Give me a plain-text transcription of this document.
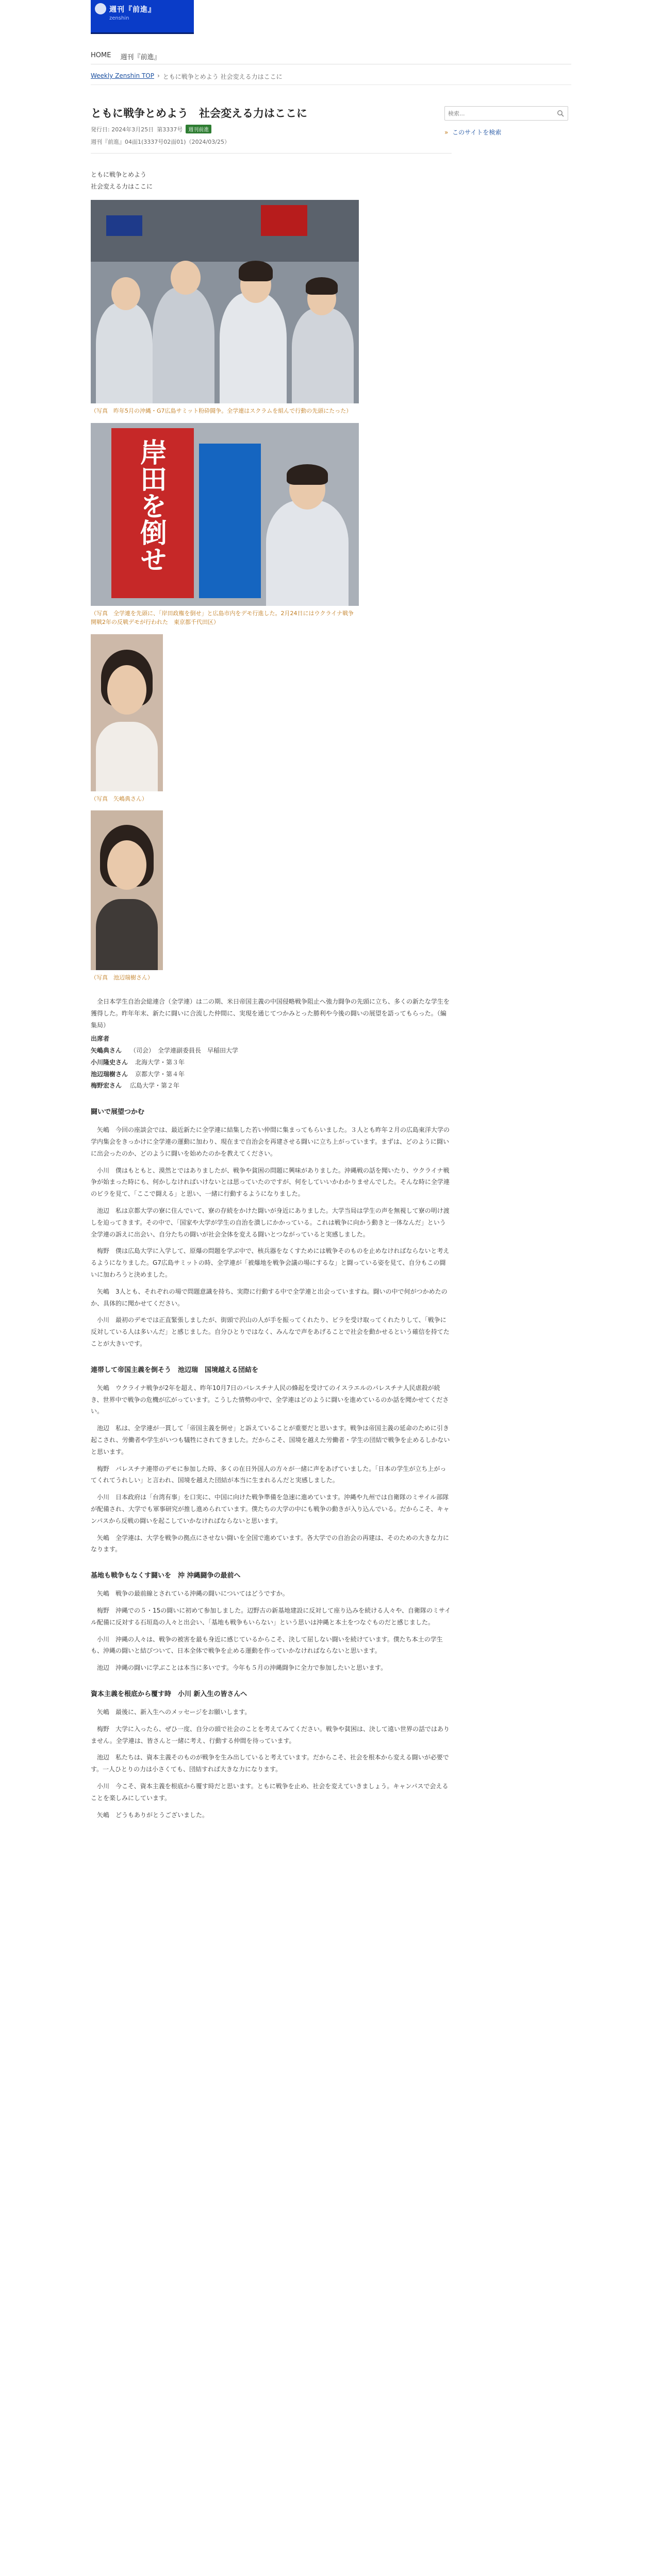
週刊『前進』
zenshin
HOME 週刊『前進』
Weekly Zenshin TOP › ともに戦争とめよう 社会変える力はここに
ともに戦争とめよう　社会変える力はここに
発行日: 2024年3月25日 第3337号	週刊前進
週刊『前進』04面1(3337号02面01)（2024/03/25）

ともに戦争とめよう

社会変える力はここに

（写真　昨年5月の沖縄・G7広島サミット粉砕闘争。全学連はスクラムを組んで行動の先頭にたった）
岸田を倒せ
（写真　全学連を先頭に、「岸田政権を倒せ」と広島市内をデモ行進した。2月24日にはウクライナ戦争開戦2年の反戦デモが行われた　東京都千代田区）
（写真　矢嶋典さん）
（写真　池辺瑞樹さん）

　全日本学生自治会総連合（全学連）は二の期、米日帝国主義の中国侵略戦争阻止へ強力闘争の先頭に立ち、多くの新たな学生を獲得した。昨年年末、新たに闘いに合流した仲間に、実現を通じてつかみとった勝利や今後の闘いの展望を語ってもらった。（編集局）

出席者
矢嶋典さん （司会）　全学連副委員長　早稲田大学
小川隆史さん 北海大学・第３年
池辺瑞樹さん 京都大学・第４年
梅野宏さん 広島大学・第２年
闘いで展望つかむ

矢嶋　今回の座談会では、最近新たに全学連に結集した若い仲間に集まってもらいました。３人とも昨年２月の広島東洋大学の学内集会をきっかけに全学連の運動に加わり、現在まで自治会を再建させる闘いに立ち上がっています。まずは、どのように闘いに出会ったのか、どのように闘いを始めたのかを教えてください。

小川　僕はもともと、漠然とではありましたが、戦争や貧困の問題に興味がありました。沖縄戦の話を聞いたり、ウクライナ戦争が始まった時にも、何かしなければいけないとは思っていたのですが、何をしていいかわかりませんでした。そんな時に全学連のビラを見て、「ここで闘える」と思い、一緒に行動するようになりました。

池辺　私は京都大学の寮に住んでいて、寮の存続をかけた闘いが身近にありました。大学当局は学生の声を無視して寮の明け渡しを迫ってきます。その中で、「国家や大学が学生の自治を潰しにかかっている。これは戦争に向かう動きと一体なんだ」という全学連の訴えに出会い、自分たちの闘いが社会全体を変える闘いとつながっていると実感しました。

梅野　僕は広島大学に入学して、原爆の問題を学ぶ中で、核兵器をなくすためには戦争そのものを止めなければならないと考えるようになりました。G7広島サミットの時、全学連が「被爆地を戦争会議の場にするな」と闘っている姿を見て、自分もこの闘いに加わろうと決めました。

矢嶋　3人とも、それぞれの場で問題意識を持ち、実際に行動する中で全学連と出会っていますね。闘いの中で何がつかめたのか、具体的に聞かせてください。

小川　最初のデモでは正直緊張しましたが、街頭で沢山の人が手を振ってくれたり、ビラを受け取ってくれたりして、「戦争に反対している人は多いんだ」と感じました。自分ひとりではなく、みんなで声をあげることで社会を動かせるという確信を持てたことが大きいです。

連帯して帝国主義を倒そう　池辺瑞　国境越える団結を

矢嶋　ウクライナ戦争が2年を超え、昨年10月7日のパレスチナ人民の蜂起を受けてのイスラエルのパレスチナ人民虐殺が続き、世界中で戦争の危機が広がっています。こうした情勢の中で、全学連はどのように闘いを進めているのか話を聞かせてください。

池辺　私は、全学連が一貫して「帝国主義を倒せ」と訴えていることが重要だと思います。戦争は帝国主義の延命のために引き起こされ、労働者や学生がいつも犠牲にされてきました。だからこそ、国境を越えた労働者・学生の団結で戦争を止めるしかないと思います。

梅野　パレスチナ連帯のデモに参加した時、多くの在日外国人の方々が一緒に声をあげていました。「日本の学生が立ち上がってくれてうれしい」と言われ、国境を越えた団結が本当に生まれるんだと実感しました。

小川　日本政府は「台湾有事」を口実に、中国に向けた戦争準備を急速に進めています。沖縄や九州では自衛隊のミサイル部隊が配備され、大学でも軍事研究が推し進められています。僕たちの大学の中にも戦争の動きが入り込んでいる。だからこそ、キャンパスから反戦の闘いを起こしていかなければならないと思います。

矢嶋　全学連は、大学を戦争の拠点にさせない闘いを全国で進めています。各大学での自治会の再建は、そのための大きな力になります。

基地も戦争もなくす闘いを　沖 沖縄闘争の最前へ

矢嶋　戦争の最前線とされている沖縄の闘いについてはどうですか。

梅野　沖縄での５・15の闘いに初めて参加しました。辺野古の新基地建設に反対して座り込みを続ける人々や、自衛隊のミサイル配備に反対する石垣島の人々と出会い、「基地も戦争もいらない」という思いは沖縄と本土をつなぐものだと感じました。

小川　沖縄の人々は、戦争の被害を最も身近に感じているからこそ、決して屈しない闘いを続けています。僕たち本土の学生も、沖縄の闘いと結びついて、日本全体で戦争を止める運動を作っていかなければならないと思います。

池辺　沖縄の闘いに学ぶことは本当に多いです。今年も５月の沖縄闘争に全力で参加したいと思います。

資本主義を根底から覆す時　小川 新入生の皆さんへ

矢嶋　最後に、新入生へのメッセージをお願いします。

梅野　大学に入ったら、ぜひ一度、自分の頭で社会のことを考えてみてください。戦争や貧困は、決して遠い世界の話ではありません。全学連は、皆さんと一緒に考え、行動する仲間を待っています。

池辺　私たちは、資本主義そのものが戦争を生み出していると考えています。だからこそ、社会を根本から変える闘いが必要です。一人ひとりの力は小さくても、団結すれば大きな力になります。

小川　今こそ、資本主義を根底から覆す時だと思います。ともに戦争を止め、社会を変えていきましょう。キャンパスで会えることを楽しみにしています。

矢嶋　どうもありがとうございました。

検索...
» このサイトを検索
